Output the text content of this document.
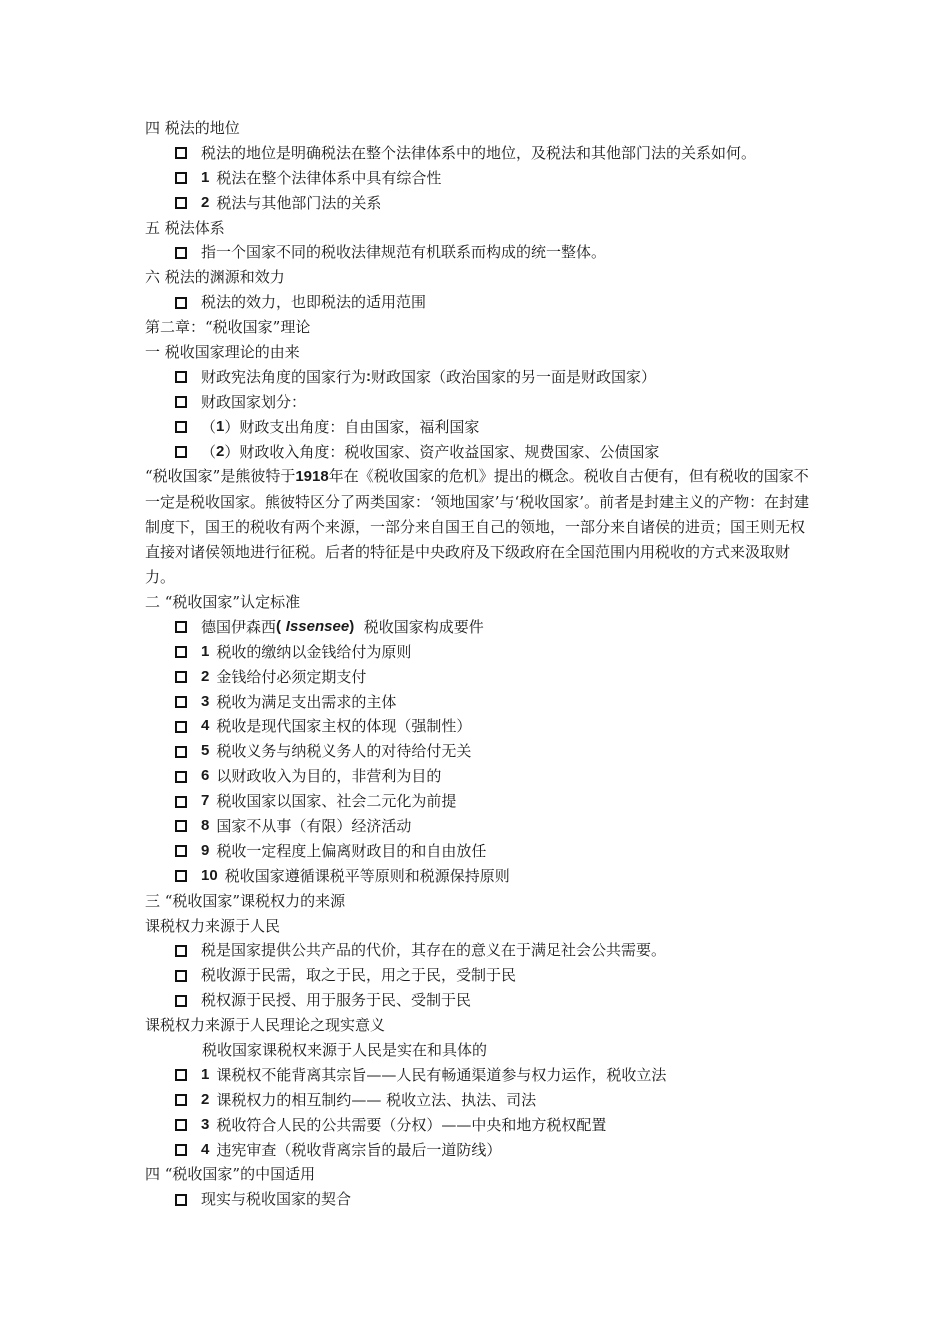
四 税法的地位
税法的地位是明确税法在整个法律体系中的地位，及税法和其他部门法的关系如何。
1 税法在整个法律体系中具有综合性
2 税法与其他部门法的关系
五 税法体系
指一个国家不同的税收法律规范有机联系而构成的统一整体。
六 税法的渊源和效力
税法的效力，也即税法的适用范围
第二章：“税收国家”理论
一 税收国家理论的由来
财政宪法角度的国家行为 : 财政国家（政治国家的另一面是财政国家）
财政国家划分：
（ 1 ）财政支出角度：自由国家，福利国家
（ 2 ）财政收入角度：税收国家、资产收益国家、规费国家、公债国家
“税收国家”是熊彼特于1918年在《税收国家的危机》提出的概念。税收自古便有，但有税收的国家不一定是税收国家。熊彼特区分了两类国家：‘领地国家’与‘税收国家’。前者是封建主义的产物：在封建制度下，国王的税收有两个来源，一部分来自国王自己的领地，一部分来自诸侯的进贡；国王则无权直接对诸侯领地进行征税。后者的特征是中央政府及下级政府在全国范围内用税收的方式来汲取财力。
二 “税收国家”认定标准
德国伊森西 (
Issensee )
税收国家构成要件
1 税收的缴纳以金钱给付为原则
2 金钱给付必须定期支付
3 税收为满足支出需求的主体
4 税收是现代国家主权的体现（强制性）
5 税收义务与纳税义务人的对待给付无关
6 以财政收入为目的，非营利为目的
7 税收国家以国家、社会二元化为前提
8 国家不从事（有限）经济活动
9 税收一定程度上偏离财政目的和自由放任
10 税收国家遵循课税平等原则和税源保持原则
三 “税收国家”课税权力的来源
课税权力来源于人民
税是国家提供公共产品的代价，其存在的意义在于满足社会公共需要。
税收源于民需，取之于民，用之于民，受制于民
税权源于民授、用于服务于民、受制于民
课税权力来源于人民理论之现实意义
税收国家课税权来源于人民是实在和具体的
1 课税权不能背离其宗旨——人民有畅通渠道参与权力运作，税收立法
2 课税权力的相互制约—— 税收立法、执法、司法
3 税收符合人民的公共需要（分权）——中央和地方税权配置
4 违宪审查（税收背离宗旨的最后一道防线）
四 “税收国家”的中国适用
现实与税收国家的契合
